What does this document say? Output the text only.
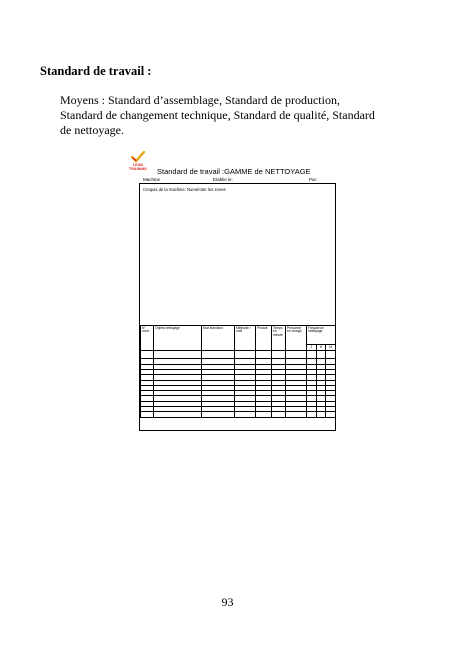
Standard de travail :
Moyens : Standard d’assemblage, Standard de production,
Standard de changement technique, Standard de qualité, Standard
de nettoyage.
LEAN
TRAINING	Standard de travail :GAMME de NETTOYAGE
Machine	Etablie le:	Par:
Croquis de la machine: Numéroter les zones
N° zone	Objets nettoyage	Etat standard	Méthode / outil	Produit	Temps en minute	Personne en charge	Fréquence nettoyage		
							J	H	M

93
